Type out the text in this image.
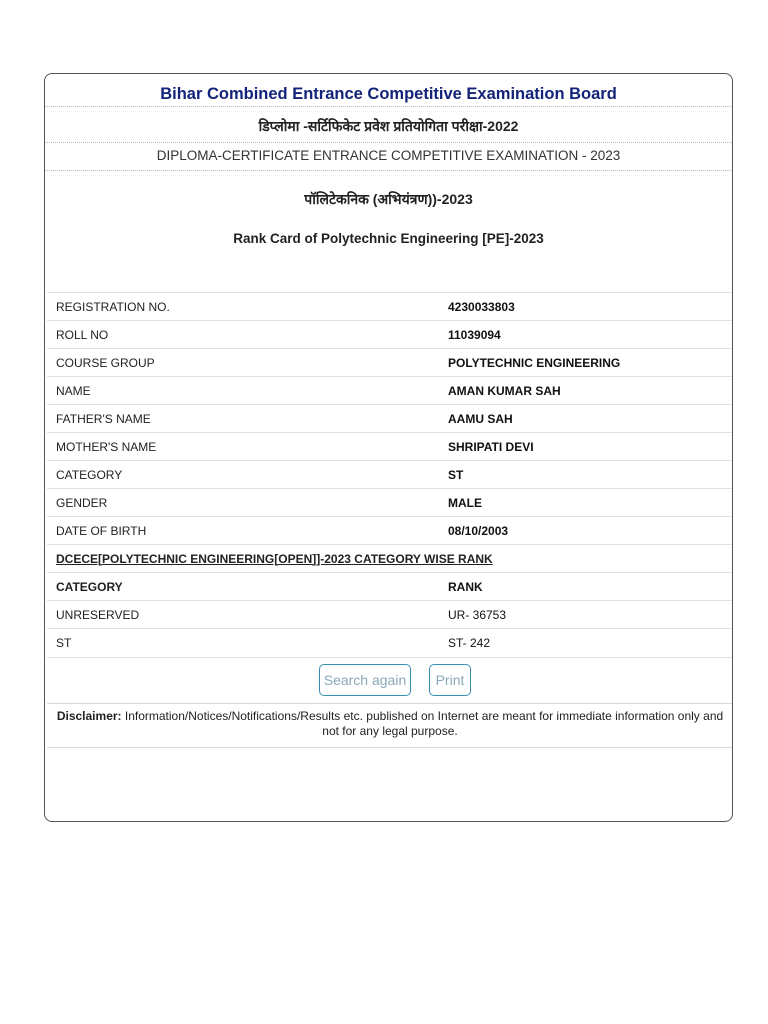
Bihar Combined Entrance Competitive Examination Board
डिप्लोमा -सर्टिफिकेट प्रवेश प्रतियोगिता परीक्षा-2022
DIPLOMA-CERTIFICATE ENTRANCE COMPETITIVE EXAMINATION - 2023
पॉलिटेकनिक (अभियंत्रण))-2023
Rank Card of Polytechnic Engineering [PE]-2023
REGISTRATION NO.	4230033803
ROLL NO	11039094
COURSE GROUP	POLYTECHNIC ENGINEERING
NAME	AMAN KUMAR SAH
FATHER'S NAME	AAMU SAH
MOTHER'S NAME	SHRIPATI DEVI
CATEGORY	ST
GENDER	MALE
DATE OF BIRTH	08/10/2003
DCECE[POLYTECHNIC ENGINEERING[OPEN]]-2023 CATEGORY WISE RANK	
CATEGORY	RANK
UNRESERVED	UR- 36753
ST	ST- 242
Search again	Print
Disclaimer: Information/Notices/Notifications/Results etc. published on Internet are meant for immediate information only and not for any legal purpose.
